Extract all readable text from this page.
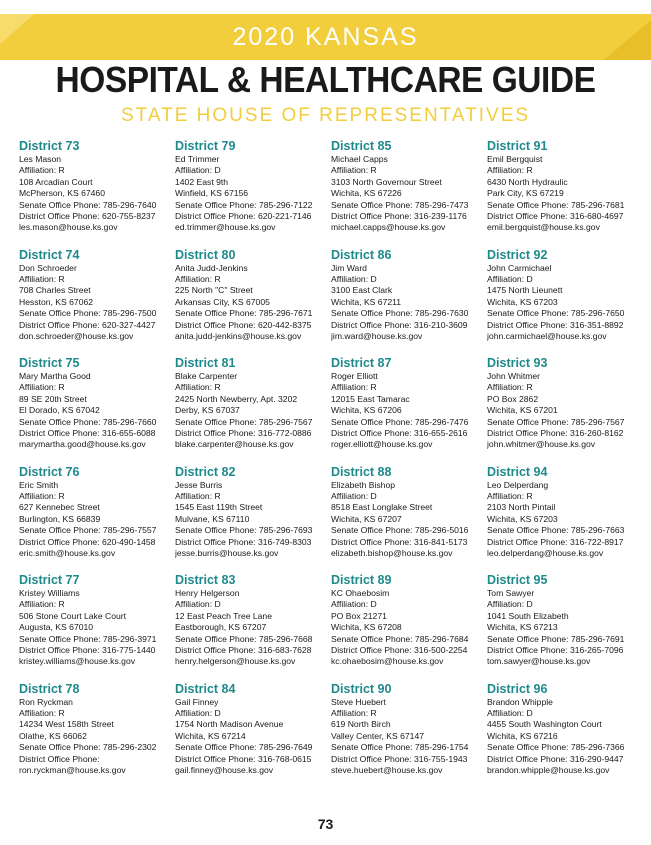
2020 KANSAS
HOSPITAL & HEALTHCARE GUIDE
STATE HOUSE OF REPRESENTATIVES
District 73
Les Mason
Affiliation: R
108 Arcadian Court
McPherson, KS 67460
Senate Office Phone: 785-296-7640
District Office Phone: 620-755-8237
les.mason@house.ks.gov
District 79
Ed Trimmer
Affiliation: D
1402 East 9th
Winfield, KS 67156
Senate Office Phone: 785-296-7122
District Office Phone: 620-221-7146
ed.trimmer@house.ks.gov
District 85
Michael Capps
Affiliation: R
3103 North Governour Street
Wichita, KS 67226
Senate Office Phone: 785-296-7473
District Office Phone: 316-239-1176
michael.capps@house.ks.gov
District 91
Emil Bergquist
Affiliation: R
6430 North Hydraulic
Park City, KS 67219
Senate Office Phone: 785-296-7681
District Office Phone: 316-680-4697
emil.bergquist@house.ks.gov
District 74
Don Schroeder
Affiliation: R
708 Charles Street
Hesston, KS 67062
Senate Office Phone: 785-296-7500
District Office Phone: 620-327-4427
don.schroeder@house.ks.gov
District 80
Anita Judd-Jenkins
Affiliation: R
225 North "C" Street
Arkansas City, KS 67005
Senate Office Phone: 785-296-7671
District Office Phone: 620-442-8375
anita.judd-jenkins@house.ks.gov
District 86
Jim Ward
Affiliation: D
3100 East Clark
Wichita, KS 67211
Senate Office Phone: 785-296-7630
District Office Phone: 316-210-3609
jim.ward@house.ks.gov
District 92
John Carmichael
Affiliation: D
1475 North Lieunett
Wichita, KS 67203
Senate Office Phone: 785-296-7650
District Office Phone: 316-351-8892
john.carmichael@house.ks.gov
District 75
Mary Martha Good
Affiliation: R
89 SE 20th Street
El Dorado, KS 67042
Senate Office Phone: 785-296-7660
District Office Phone: 316-655-6088
marymartha.good@house.ks.gov
District 81
Blake Carpenter
Affiliation: R
2425 North Newberry, Apt. 3202
Derby, KS 67037
Senate Office Phone: 785-296-7567
District Office Phone: 316-772-0886
blake.carpenter@house.ks.gov
District 87
Roger Elliott
Affiliation: R
12015 East Tamarac
Wichita, KS 67206
Senate Office Phone: 785-296-7476
District Office Phone: 316-655-2616
roger.elliott@house.ks.gov
District 93
John Whitmer
Affiliation: R
PO Box 2862
Wichita, KS 67201
Senate Office Phone: 785-296-7567
District Office Phone: 316-260-8162
john.whitmer@house.ks.gov
District 76
Eric Smith
Affiliation: R
627 Kennebec Street
Burlington, KS 66839
Senate Office Phone: 785-296-7557
District Office Phone: 620-490-1458
eric.smith@house.ks.gov
District 82
Jesse Burris
Affiliation: R
1545 East 119th Street
Mulvane, KS 67110
Senate Office Phone: 785-296-7693
District Office Phone: 316-749-8303
jesse.burris@house.ks.gov
District 88
Elizabeth Bishop
Affiliation: D
8518 East Longlake Street
Wichita, KS 67207
Senate Office Phone: 785-296-5016
District Office Phone: 316-841-5173
elizabeth.bishop@house.ks.gov
District 94
Leo Delperdang
Affiliation: R
2103 North Pintail
Wichita, KS 67203
Senate Office Phone: 785-296-7663
District Office Phone: 316-722-8917
leo.delperdang@house.ks.gov
District 77
Kristey Williams
Affiliation: R
506 Stone Court Lake Court
Augusta, KS 67010
Senate Office Phone: 785-296-3971
District Office Phone: 316-775-1440
kristey.williams@house.ks.gov
District 83
Henry Helgerson
Affiliation: D
12 East Peach Tree Lane
Eastborough, KS 67207
Senate Office Phone: 785-296-7668
District Office Phone: 316-683-7628
henry.helgerson@house.ks.gov
District 89
KC Ohaebosim
Affiliation: D
PO Box 21271
Wichita, KS 67208
Senate Office Phone: 785-296-7684
District Office Phone: 316-500-2254
kc.ohaebosim@house.ks.gov
District 95
Tom Sawyer
Affiliation: D
1041 South Elizabeth
Wichita, KS 67213
Senate Office Phone: 785-296-7691
District Office Phone: 316-265-7096
tom.sawyer@house.ks.gov
District 78
Ron Ryckman
Affiliation: R
14234 West 158th Street
Olathe, KS 66062
Senate Office Phone: 785-296-2302
District Office Phone:
ron.ryckman@house.ks.gov
District 84
Gail Finney
Affiliation: D
1754 North Madison Avenue
Wichita, KS 67214
Senate Office Phone: 785-296-7649
District Office Phone: 316-768-0615
gail.finney@house.ks.gov
District 90
Steve Huebert
Affiliation: R
619 North Birch
Valley Center, KS 67147
Senate Office Phone: 785-296-1754
District Office Phone: 316-755-1943
steve.huebert@house.ks.gov
District 96
Brandon Whipple
Affiliation: D
4455 South Washington Court
Wichita, KS 67216
Senate Office Phone: 785-296-7366
District Office Phone: 316-290-9447
brandon.whipple@house.ks.gov
73
